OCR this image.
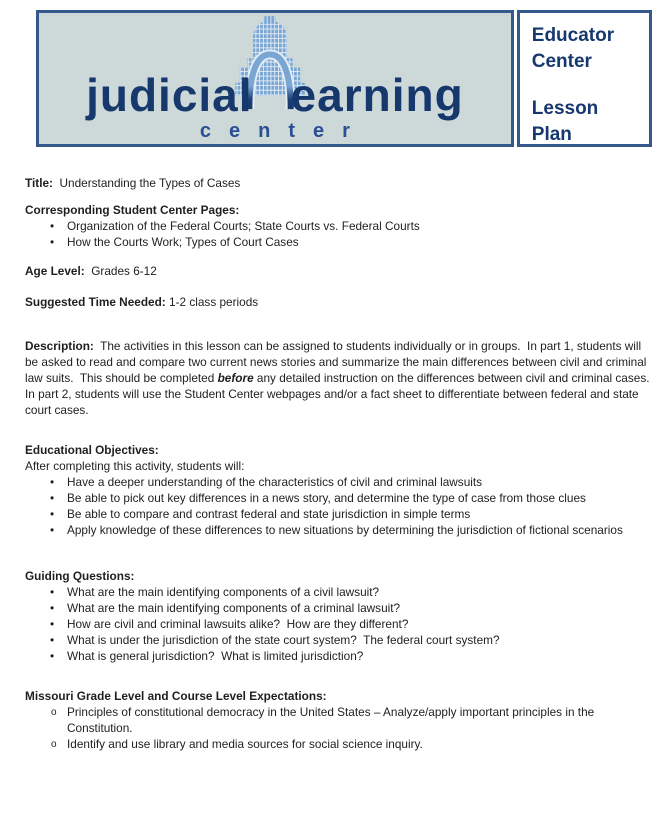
judicial earning
center
Educator
Center
Lesson
Plan

Title:  Understanding the Types of Cases

Corresponding Student Center Pages:

• Organization of the Federal Courts; State Courts vs. Federal Courts
• How the Courts Work; Types of Court Cases

Age Level:  Grades 6-12

Suggested Time Needed: 1-2 class periods

Description:  The activities in this lesson can be assigned to students individually or in groups.  In part 1, students will be asked to read and compare two current news stories and summarize the main differences between civil and criminal law suits.  This should be completed before any detailed instruction on the differences between civil and criminal cases.  In part 2, students will use the Student Center webpages and/or a fact sheet to differentiate between federal and state court cases.

Educational Objectives:

After completing this activity, students will:

• Have a deeper understanding of the characteristics of civil and criminal lawsuits
• Be able to pick out key differences in a news story, and determine the type of case from those clues
• Be able to compare and contrast federal and state jurisdiction in simple terms
• Apply knowledge of these differences to new situations by determining the jurisdiction of fictional scenarios

Guiding Questions:

• What are the main identifying components of a civil lawsuit?
• What are the main identifying components of a criminal lawsuit?
• How are civil and criminal lawsuits alike?  How are they different?
• What is under the jurisdiction of the state court system?  The federal court system?
• What is general jurisdiction?  What is limited jurisdiction?

Missouri Grade Level and Course Level Expectations:

o Principles of constitutional democracy in the United States – Analyze/apply important principles in the Constitution.
o Identify and use library and media sources for social science inquiry.
